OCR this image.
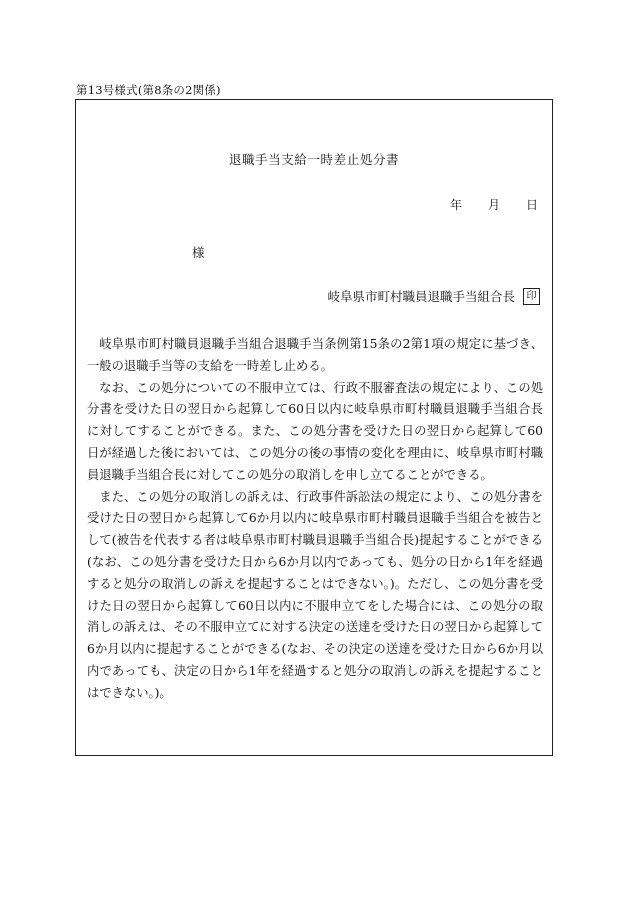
第13号様式(第8条の2関係)
退職手当支給一時差止処分書
年 月 日
様
岐阜県市町村職員退職手当組合長	印

岐阜県市町村職員退職手当組合退職手当条例第15条の2第1項の規定に基づき、一般の退職手当等の支給を一時差し止める。

なお、この処分についての不服申立ては、行政不服審査法の規定により、この処分書を受けた日の翌日から起算して60日以内に岐阜県市町村職員退職手当組合長に対してすることができる。また、この処分書を受けた日の翌日から起算して60日が経過した後においては、この処分の後の事情の変化を理由に、岐阜県市町村職員退職手当組合長に対してこの処分の取消しを申し立てることができる。

また、この処分の取消しの訴えは、行政事件訴訟法の規定により、この処分書を受けた日の翌日から起算して6か月以内に岐阜県市町村職員退職手当組合を被告として(被告を代表する者は岐阜県市町村職員退職手当組合長)提起することができる(なお、この処分書を受けた日から6か月以内であっても、処分の日から1年を経過すると処分の取消しの訴えを提起することはできない。)。ただし、この処分書を受けた日の翌日から起算して60日以内に不服申立てをした場合には、この処分の取消しの訴えは、その不服申立てに対する決定の送達を受けた日の翌日から起算して6か月以内に提起することができる(なお、その決定の送達を受けた日から6か月以内であっても、決定の日から1年を経過すると処分の取消しの訴えを提起することはできない。)。
